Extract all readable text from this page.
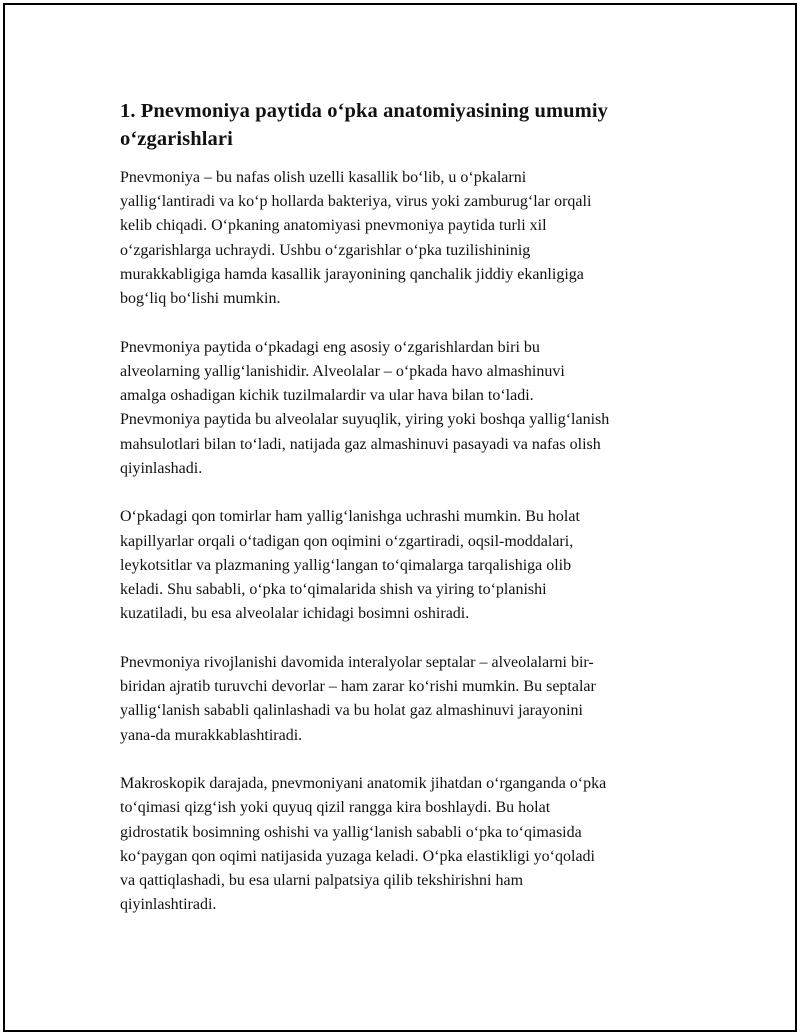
1. Pnevmoniya paytida oʻpka anatomiyasining umumiy
oʻzgarishlari

Pnevmoniya – bu nafas olish uzelli kasallik boʻlib, u oʻpkalarni
yalligʻlantiradi va koʻp hollarda bakteriya, virus yoki zamburugʻlar orqali
kelib chiqadi. Oʻpkaning anatomiyasi pnevmoniya paytida turli xil
oʻzgarishlarga uchraydi. Ushbu oʻzgarishlar oʻpka tuzilishininig
murakkabligiga hamda kasallik jarayonining qanchalik jiddiy ekanligiga
bogʻliq boʻlishi mumkin.

Pnevmoniya paytida oʻpkadagi eng asosiy oʻzgarishlardan biri bu
alveolarning yalligʻlanishidir. Alveolalar – oʻpkada havo almashinuvi
amalga oshadigan kichik tuzilmalardir va ular hava bilan toʻladi.
Pnevmoniya paytida bu alveolalar suyuqlik, yiring yoki boshqa yalligʻlanish
mahsulotlari bilan toʻladi, natijada gaz almashinuvi pasayadi va nafas olish
qiyinlashadi.

Oʻpkadagi qon tomirlar ham yalligʻlanishga uchrashi mumkin. Bu holat
kapillyarlar orqali oʻtadigan qon oqimini oʻzgartiradi, oqsil-moddalari,
leykotsitlar va plazmaning yalligʻlangan toʻqimalarga tarqalishiga olib
keladi. Shu sababli, oʻpka toʻqimalarida shish va yiring toʻplanishi
kuzatiladi, bu esa alveolalar ichidagi bosimni oshiradi.

Pnevmoniya rivojlanishi davomida interalyolar septalar – alveolalarni bir-
biridan ajratib turuvchi devorlar – ham zarar koʻrishi mumkin. Bu septalar
yalligʻlanish sababli qalinlashadi va bu holat gaz almashinuvi jarayonini
yana-da murakkablashtiradi.

Makroskopik darajada, pnevmoniyani anatomik jihatdan oʻrganganda oʻpka
toʻqimasi qizgʻish yoki quyuq qizil rangga kira boshlaydi. Bu holat
gidrostatik bosimning oshishi va yalligʻlanish sababli oʻpka toʻqimasida
koʻpaygan qon oqimi natijasida yuzaga keladi. Oʻpka elastikligi yoʻqoladi
va qattiqlashadi, bu esa ularni palpatsiya qilib tekshirishni ham
qiyinlashtiradi.
